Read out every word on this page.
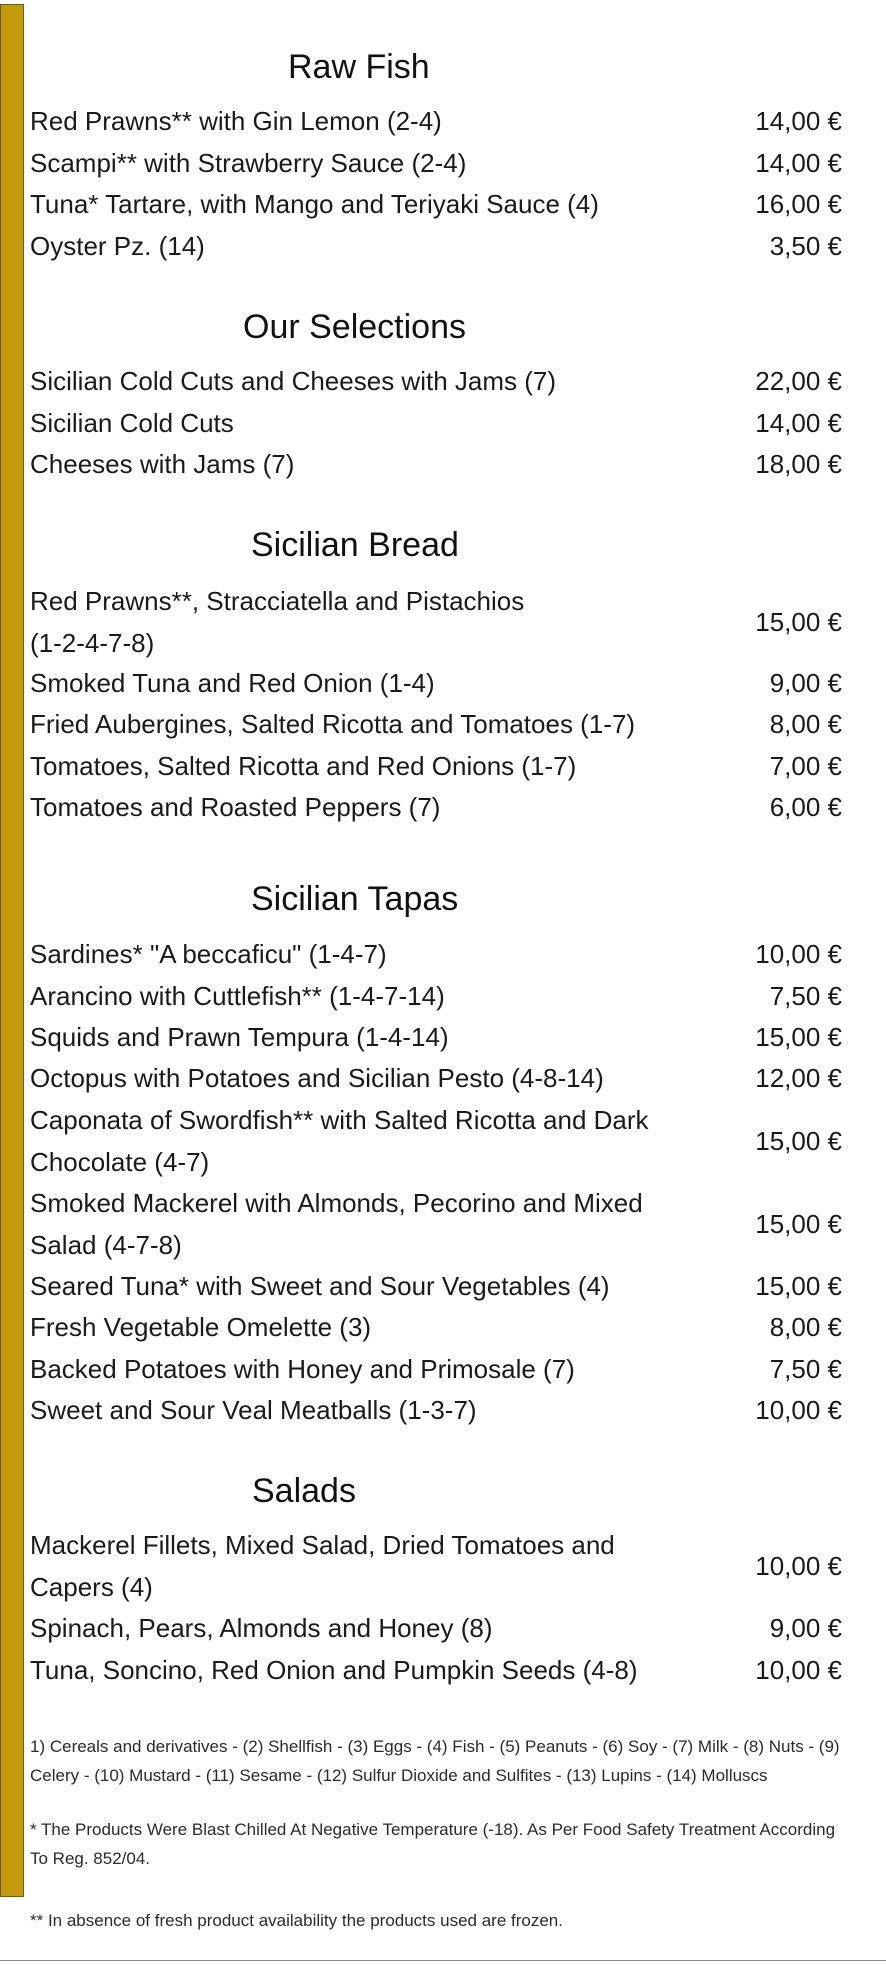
Raw Fish
Red Prawns** with Gin Lemon (2-4)	14,00 €
Scampi** with Strawberry Sauce (2-4)	14,00 €
Tuna* Tartare, with Mango and Teriyaki Sauce (4)	16,00 €
Oyster Pz. (14)	3,50 €
Our Selections
Sicilian Cold Cuts and Cheeses with Jams (7)	22,00 €
Sicilian Cold Cuts	14,00 €
Cheeses with Jams (7)	18,00 €
Sicilian Bread
Red Prawns**, Stracciatella and Pistachios (1-2-4-7-8)
15,00 €
Smoked Tuna and Red Onion (1-4)	9,00 €
Fried Aubergines, Salted Ricotta and Tomatoes (1-7)	8,00 €
Tomatoes, Salted Ricotta and Red Onions (1-7)	7,00 €
Tomatoes and Roasted Peppers (7)	6,00 €
Sicilian Tapas
Sardines* "A beccaficu" (1-4-7)	10,00 €
Arancino with Cuttlefish** (1-4-7-14)	7,50 €
Squids and Prawn Tempura (1-4-14)	15,00 €
Octopus with Potatoes and Sicilian Pesto (4-8-14)	12,00 €
Caponata of Swordfish** with Salted Ricotta and Dark Chocolate (4-7)
15,00 €
Smoked Mackerel with Almonds, Pecorino and Mixed Salad (4-7-8)
15,00 €
Seared Tuna* with Sweet and Sour Vegetables (4)	15,00 €
Fresh Vegetable Omelette (3)	8,00 €
Backed Potatoes with Honey and Primosale (7)	7,50 €
Sweet and Sour Veal Meatballs (1-3-7)	10,00 €
Salads
Mackerel Fillets, Mixed Salad, Dried Tomatoes and Capers (4)
10,00 €
Spinach, Pears, Almonds and Honey (8)	9,00 €
Tuna, Soncino, Red Onion and Pumpkin Seeds (4-8)	10,00 €
1) Cereals and derivatives - (2) Shellfish - (3) Eggs - (4) Fish - (5) Peanuts - (6) Soy - (7) Milk - (8) Nuts - (9) Celery - (10) Mustard - (11) Sesame - (12) Sulfur Dioxide and Sulfites - (13) Lupins - (14) Molluscs
* The Products Were Blast Chilled At Negative Temperature (-18). As Per Food Safety Treatment According To Reg. 852/04.
** In absence of fresh product availability the products used are frozen.
